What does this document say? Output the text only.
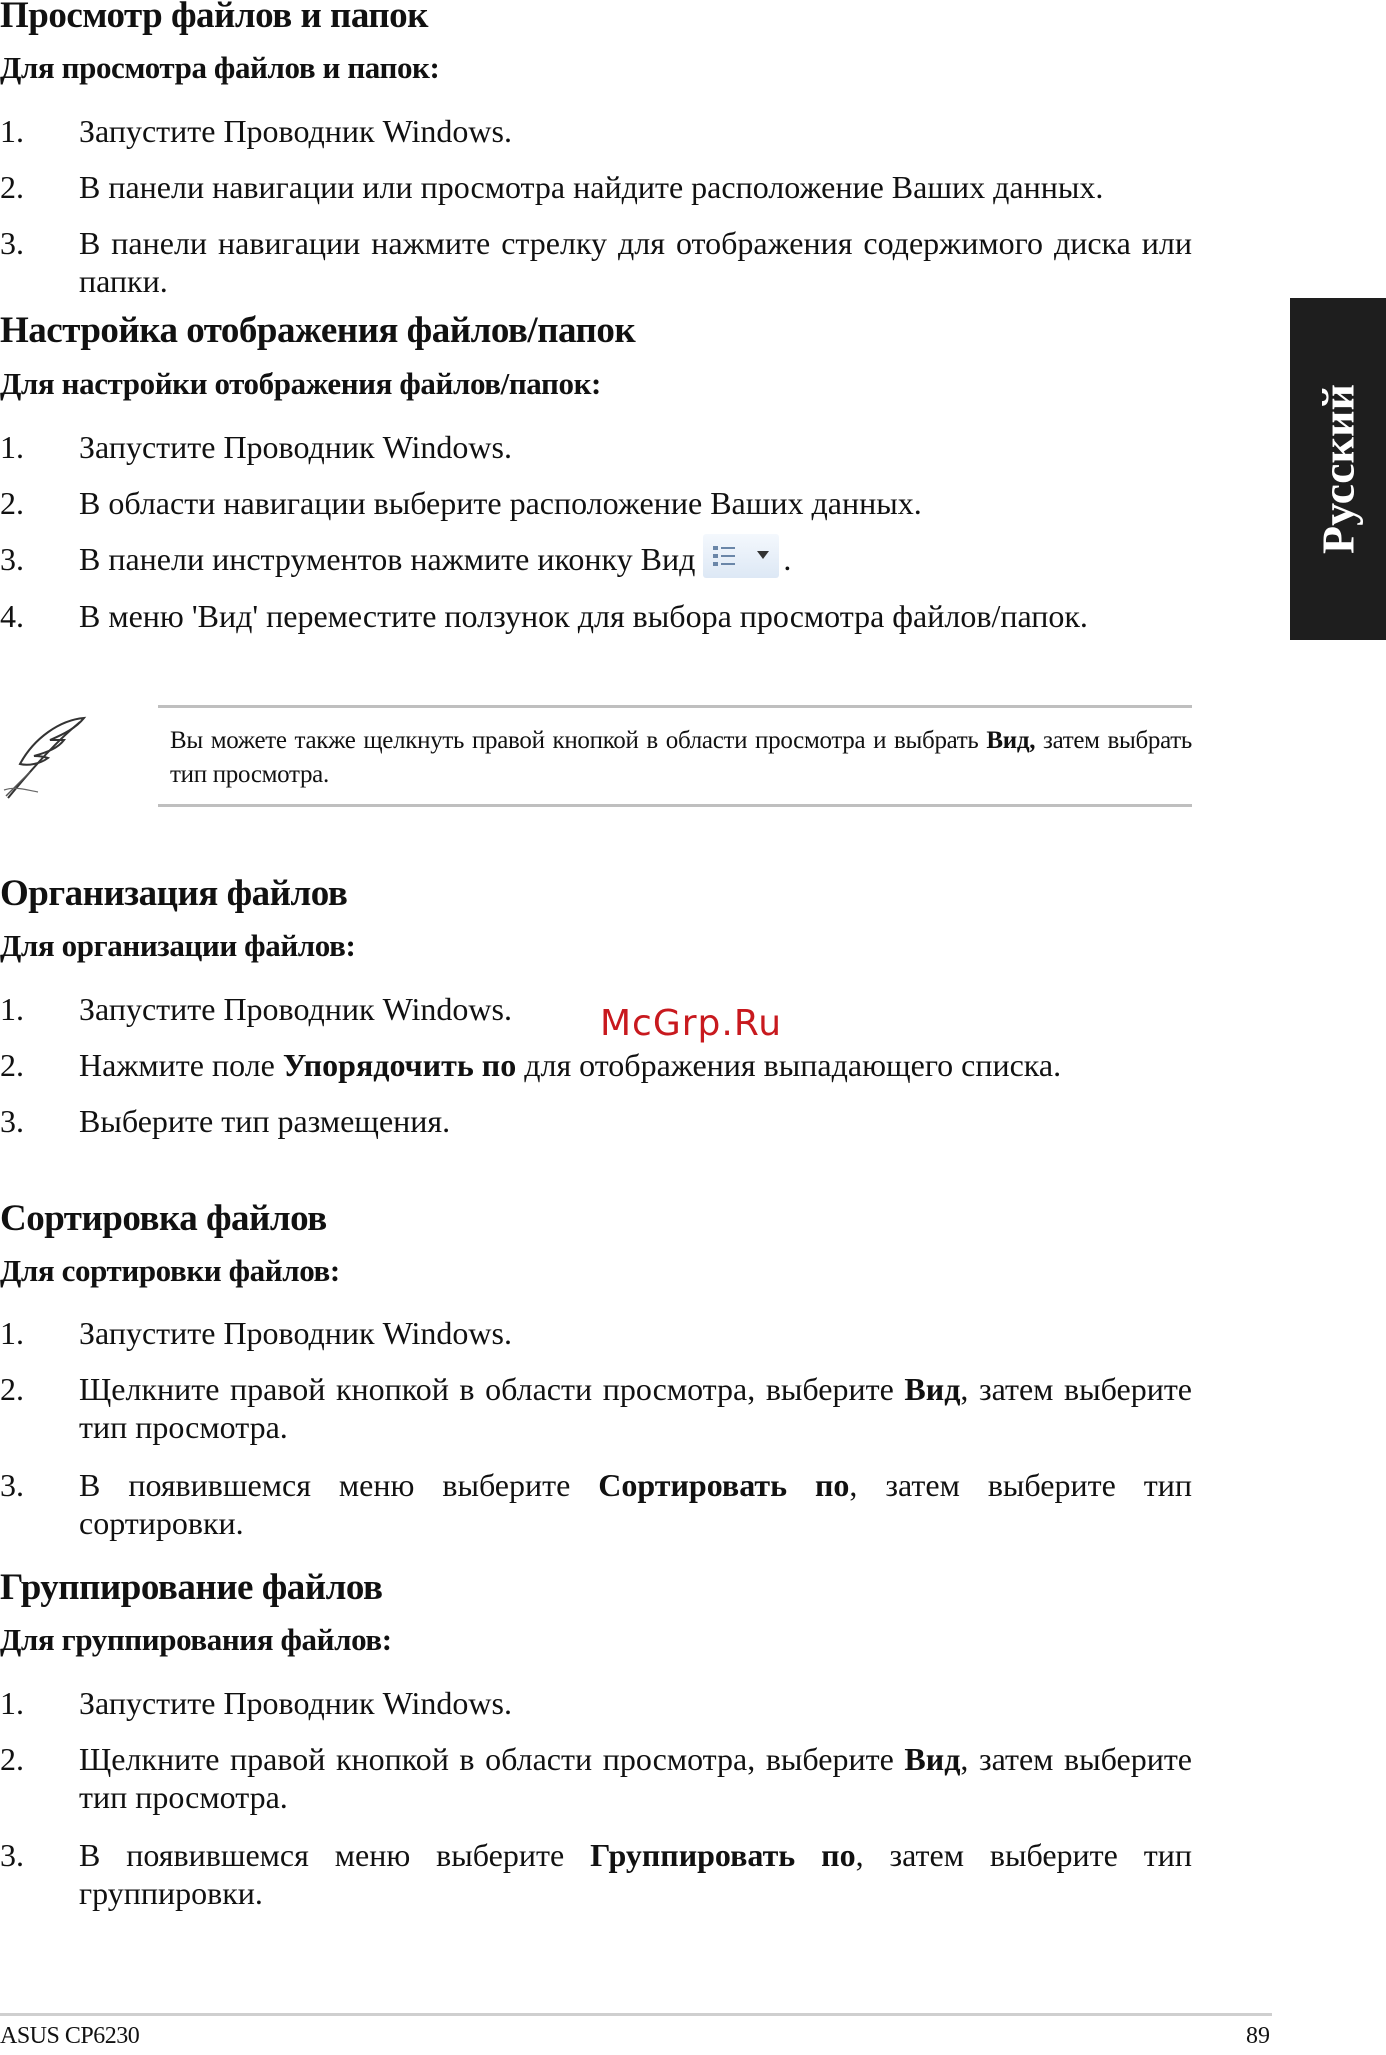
Просмотр файлов и папок
Для просмотра файлов и папок:
1.	Запустите Проводник Windows.
2.	В панели навигации или просмотра найдите расположение Ваших данных.
3.	В панели навигации нажмите стрелку для отображения содержимого диска или папки.
Настройка отображения файлов/папок
Для настройки отображения файлов/папок:
1.	Запустите Проводник Windows.
2.	В области навигации выберите расположение Ваших данных.
3.	В панели инструментов нажмите иконку Вид	.
4.	В меню 'Вид' переместите ползунок для выбора просмотра файлов/папок.
Вы можете также щелкнуть правой кнопкой в области просмотра и выбрать Вид, затем выбрать тип просмотра.
Организация файлов
Для организации файлов:
1.	Запустите Проводник Windows.
2.	Нажмите поле Упорядочить по для отображения выпадающего списка.
3.	Выберите тип размещения.
Сортировка файлов
Для сортировки файлов:
1.	Запустите Проводник Windows.
2.	Щелкните правой кнопкой в области просмотра, выберите Вид, затем выберите тип просмотра.
3.	В появившемся меню выберите Сортировать по, затем выберите тип сортировки.
Группирование файлов
Для группирования файлов:
1.	Запустите Проводник Windows.
2.	Щелкните правой кнопкой в области просмотра, выберите Вид, затем выберите тип просмотра.
3.	В появившемся меню выберите Группировать по, затем выберите тип группировки.
Русский
McGrp.Ru
ASUS CP6230	89
